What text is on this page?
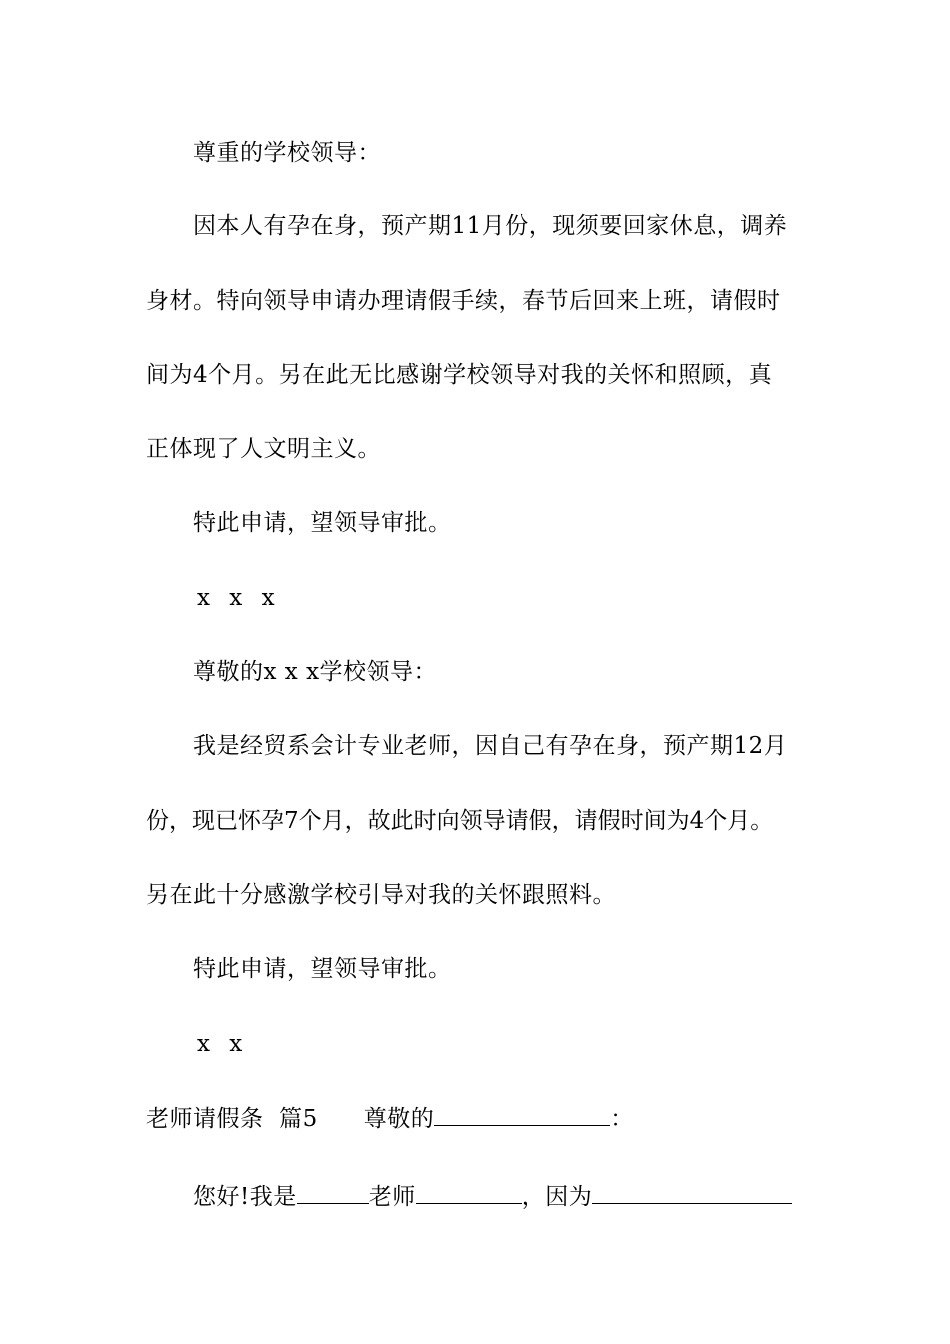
尊重的学校领导：
因本人有孕在身，预产期11月份，现须要回家休息，调养
身材。特向领导申请办理请假手续，春节后回来上班，请假时
间为4个月。另在此无比感谢学校领导对我的关怀和照顾，真
正体现了人文明主义。
特此申请，望领导审批。
x x x
尊敬的x x x学校领导：
我是经贸系会计专业老师，因自己有孕在身，预产期12月
份，现已怀孕7个月，故此时向领导请假，请假时间为4个月。
另在此十分感激学校引导对我的关怀跟照料。
特此申请，望领导审批。
x x
老师请假条  篇5 尊敬的	：
您好!我是	老师	，因为
